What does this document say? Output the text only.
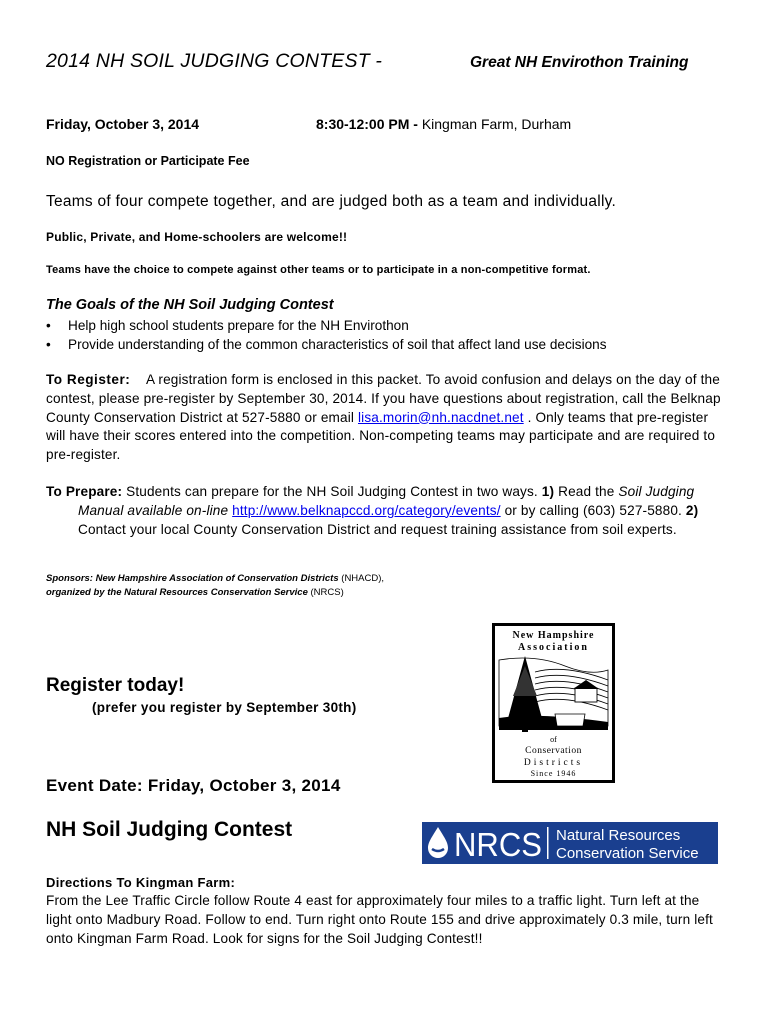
2014 NH SOIL JUDGING CONTEST -	Great NH Envirothon Training
Friday, October 3, 2014	8:30-12:00 PM - Kingman Farm, Durham
NO Registration or Participate Fee
Teams of four compete together, and are judged both as a team and individually.
Public, Private, and Home-schoolers are welcome!!
Teams have the choice to compete against other teams or to participate in a non-competitive format.
The Goals of the NH Soil Judging Contest
• Help high school students prepare for the NH Envirothon
• Provide understanding of the common characteristics of soil that affect land use decisions
To Register: A registration form is enclosed in this packet. To avoid confusion and delays on the day of the contest, please pre-register by September 30, 2014. If you have questions about registration, call the Belknap County Conservation District at 527-5880 or email lisa.morin@nh.nacdnet.net . Only teams that pre-register will have their scores entered into the competition. Non-competing teams may participate and are required to pre-register.
To Prepare: Students can prepare for the NH Soil Judging Contest in two ways. 1) Read the Soil Judging Manual available on-line http://www.belknapccd.org/category/events/ or by calling (603) 527-5880. 2) Contact your local County Conservation District and request training assistance from soil experts.
Sponsors: New Hampshire Association of Conservation Districts (NHACD),
organized by the Natural Resources Conservation Service (NRCS)
New Hampshire
Association
of
Conservation
Districts
Since 1946
Register today!
(prefer you register by September 30th)
Event Date: Friday, October 3, 2014
NH Soil Judging Contest	NRCS Natural Resources
Conservation Service
Directions To Kingman Farm:
From the Lee Traffic Circle follow Route 4 east for approximately four miles to a traffic light. Turn left at the light onto Madbury Road. Follow to end. Turn right onto Route 155 and drive approximately 0.3 mile, turn left onto Kingman Farm Road. Look for signs for the Soil Judging Contest!!
